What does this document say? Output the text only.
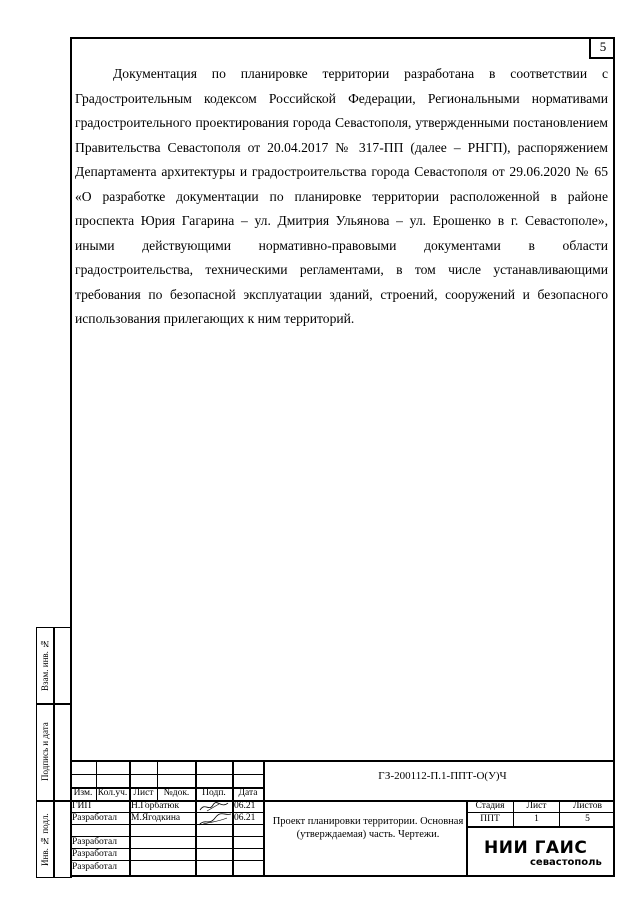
5

Документация по планировке территории разработана в соответствии с Градостроительным кодексом Российской Федерации, Региональными нормативами градостроительного проектирования города Севастополя, утвержденными постановлением Правительства Севастополя от 20.04.2017 № 317-ПП (далее – РНГП), распоряжением Департамента архитектуры и градостроительства города Севастополя от 29.06.2020 № 65 «О разработке документации по планировке территории расположенной в районе проспекта Юрия Гагарина – ул. Дмитрия Ульянова – ул. Ерошенко в г. Севастополе», иными действующими нормативно-правовыми документами в области градостроительства, техническими регламентами, в том числе устанавливающими требования по безопасной эксплуатации зданий, строений, сооружений и безопасного использования прилегающих к ним территорий.

Взам. инв. №
Подпись и дата
Инв. № подл.
Изм. Кол.уч. Лист	№док.	Подп.	Дата
ГИП	Н.Горбатюк	06.21
Разработал	М.Ягодкина	06.21
Разработал
Разработал
Разработал
ГЗ-200112-П.1-ППТ-О(У)Ч
Проект планировки территории. Основная (утверждаемая) часть. Чертежи.
Стадия	Лист	Листов
ППТ	1	5
НИИ ГАИС
севастополь
